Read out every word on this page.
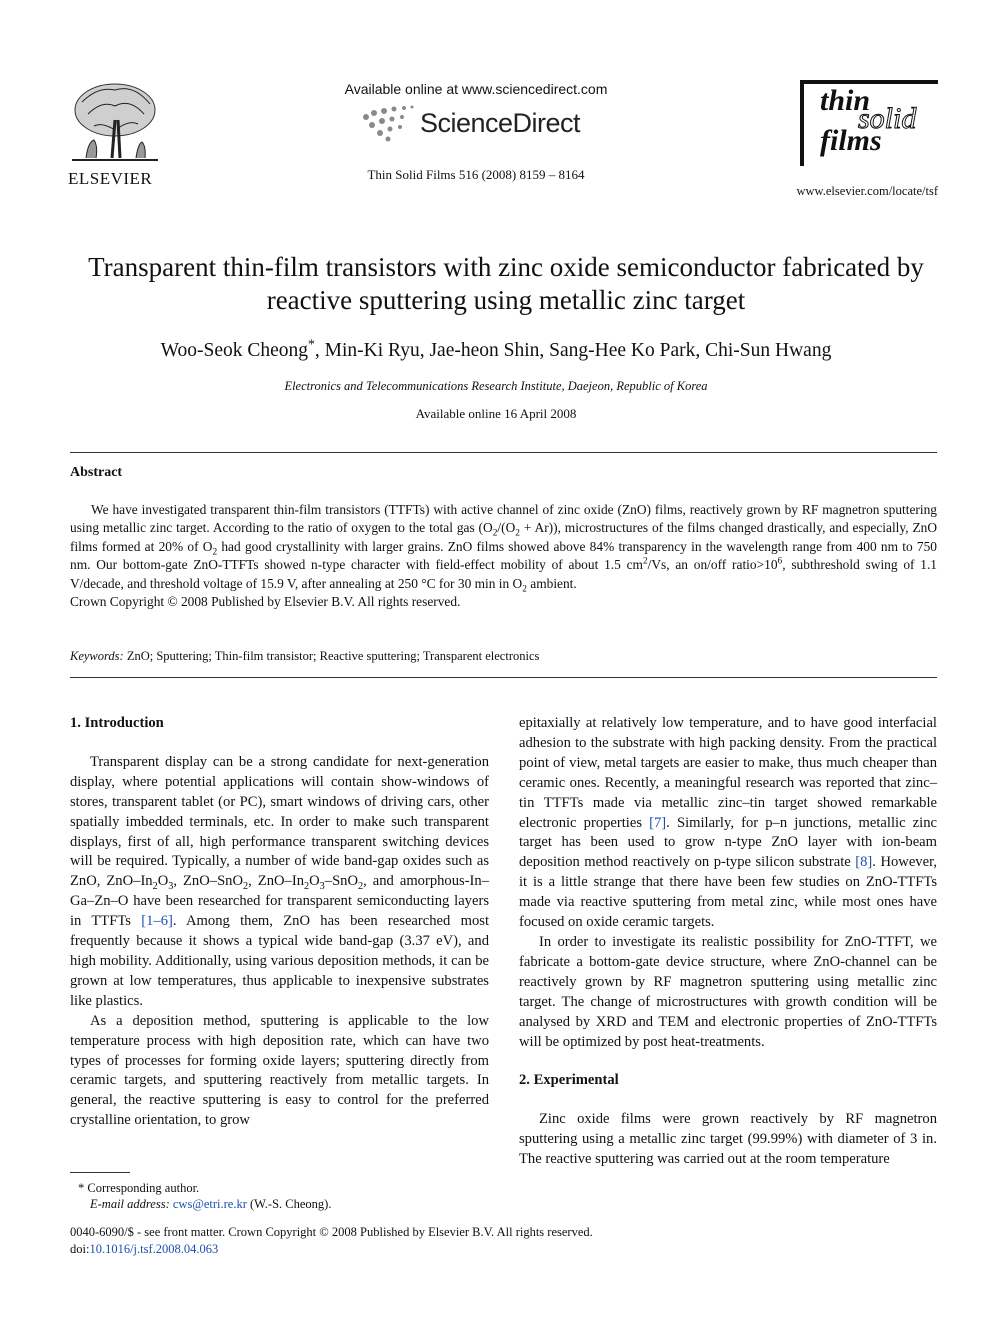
ELSEVIER
Available online at www.sciencedirect.com
ScienceDirect
Thin Solid Films 516 (2008) 8159 – 8164
thin
solid
films
www.elsevier.com/locate/tsf
Transparent thin-film transistors with zinc oxide semiconductor fabricated by
reactive sputtering using metallic zinc target
Woo-Seok Cheong*, Min-Ki Ryu, Jae-heon Shin, Sang-Hee Ko Park, Chi-Sun Hwang
Electronics and Telecommunications Research Institute, Daejeon, Republic of Korea
Available online 16 April 2008
Abstract
We have investigated transparent thin-film transistors (TTFTs) with active channel of zinc oxide (ZnO) films, reactively grown by RF magnetron sputtering using metallic zinc target. According to the ratio of oxygen to the total gas $(O_2/(O_2 + Ar))$, microstructures of the films changed drastically, and especially, ZnO films formed at 20% of $O_2$ had good crystallinity with larger grains. ZnO films showed above 84% transparency in the wavelength range from 400 nm to 750 nm. Our bottom-gate ZnO-TTFTs showed n-type character with field-effect mobility of about 1.5 $cm^2/Vs$, an on/off $ratio>10^6$, subthreshold swing of 1.1 V/decade, and threshold voltage of 15.9 V, after annealing at 250 °C for 30 min in $O_2$ ambient.
Crown Copyright © 2008 Published by Elsevier B.V. All rights reserved.
Keywords: ZnO; Sputtering; Thin-film transistor; Reactive sputtering; Transparent electronics
1. Introduction

Transparent display can be a strong candidate for next-generation display, where potential applications will contain show-windows of stores, transparent tablet (or PC), smart windows of driving cars, other spatially imbedded terminals, etc. In order to make such transparent displays, first of all, high performance transparent switching devices will be required. Typically, a number of wide band-gap oxides such as ZnO, ZnO–$In_2O_3$, ZnO–SnO$_2$, ZnO–$In_2O_3-SnO_2$, and amorphous-In–Ga–Zn–O have been researched for transparent semiconducting layers in TTFTs [1–6]. Among them, ZnO has been researched most frequently because it shows a typical wide band-gap (3.37 eV), and high mobility. Additionally, using various deposition methods, it can be grown at low temperatures, thus applicable to inexpensive substrates like plastics.

As a deposition method, sputtering is applicable to the low temperature process with high deposition rate, which can have two types of processes for forming oxide layers; sputtering directly from ceramic targets, and sputtering reactively from metallic targets. In general, the reactive sputtering is easy to control for the preferred crystalline orientation, to grow

* Corresponding author.
E-mail address: cws@etri.re.kr (W.-S. Cheong).

epitaxially at relatively low temperature, and to have good interfacial adhesion to the substrate with high packing density. From the practical point of view, metal targets are easier to make, thus much cheaper than ceramic ones. Recently, a meaningful research was reported that zinc–tin TTFTs made via metallic zinc–tin target showed remarkable electronic properties [7]. Similarly, for p–n junctions, metallic zinc target has been used to grow n-type ZnO layer with ion-beam deposition method reactively on p-type silicon substrate [8]. However, it is a little strange that there have been few studies on ZnO-TTFTs made via reactive sputtering from metal zinc, while most ones have focused on oxide ceramic targets.

In order to investigate its realistic possibility for ZnO-TTFT, we fabricate a bottom-gate device structure, where ZnO-channel can be reactively grown by RF magnetron sputtering using metallic zinc target. The change of microstructures with growth condition will be analysed by XRD and TEM and electronic properties of ZnO-TTFTs will be optimized by post heat-treatments.

2. Experimental

Zinc oxide films were grown reactively by RF magnetron sputtering using a metallic zinc target (99.99%) with diameter of 3 in. The reactive sputtering was carried out at the room temperature

0040-6090/$ - see front matter. Crown Copyright © 2008 Published by Elsevier B.V. All rights reserved.
doi:10.1016/j.tsf.2008.04.063
